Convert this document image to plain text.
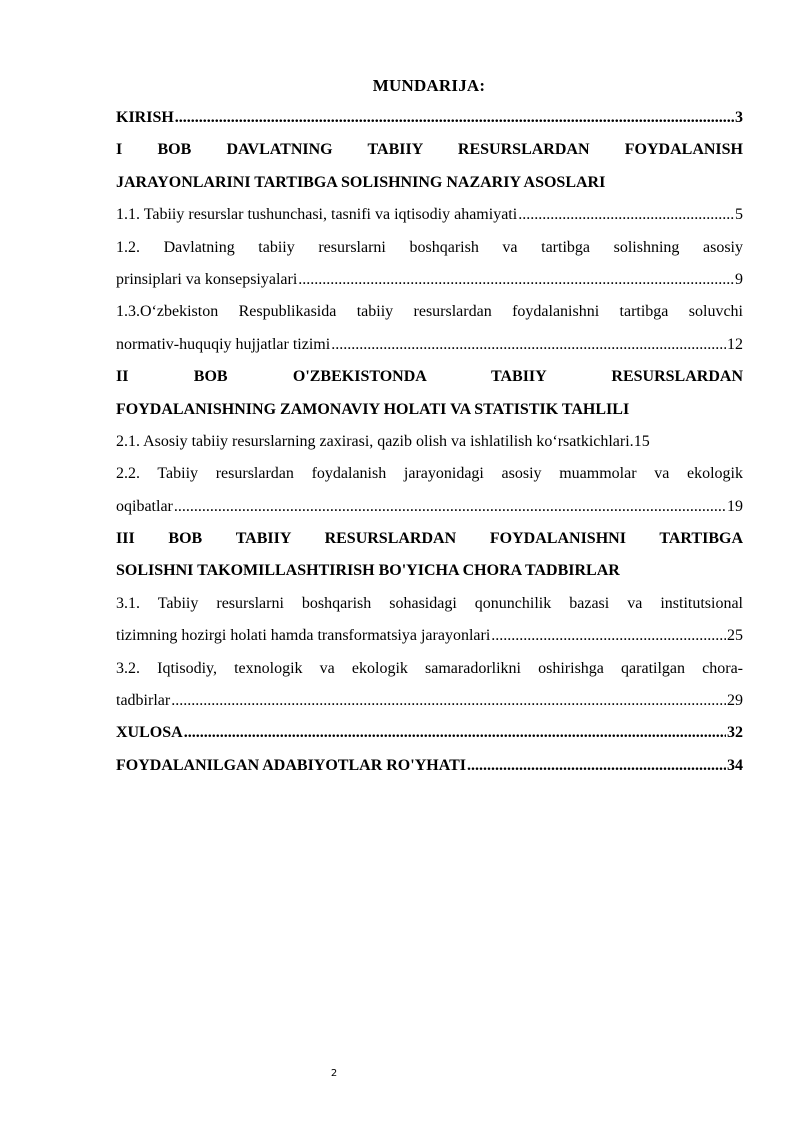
MUNDARIJA:
KIRISH .....	3
I BOB DAVLATNING TABIIY RESURSLARDAN FOYDALANISH
JARAYONLARINI TARTIBGA SOLISHNING NAZARIY ASOSLARI
1.1. Tabiiy resurslar tushunchasi, tasnifi va iqtisodiy ahamiyati .....	5
1.2. Davlatning tabiiy resurslarni boshqarish va tartibga solishning asosiy
prinsiplari va konsepsiyalari .....	9
1.3.O‘zbekiston Respublikasida tabiiy resurslardan foydalanishni tartibga soluvchi
normativ-huquqiy hujjatlar tizimi .....	12
II BOB O'ZBEKISTONDA TABIIY RESURSLARDAN
FOYDALANISHNING ZAMONAVIY HOLATI VA STATISTIK TAHLILI
2.1. Asosiy tabiiy resurslarning zaxirasi, qazib olish va ishlatilish ko‘rsatkichlari. 15
2.2. Tabiiy resurslardan foydalanish jarayonidagi asosiy muammolar va ekologik
oqibatlar .....	19
III BOB TABIIY RESURSLARDAN FOYDALANISHNI TARTIBGA
SOLISHNI TAKOMILLASHTIRISH BO'YICHA CHORA TADBIRLAR
3.1. Tabiiy resurslarni boshqarish sohasidagi qonunchilik bazasi va institutsional
tizimning hozirgi holati hamda transformatsiya jarayonlari .....	25
3.2. Iqtisodiy, texnologik va ekologik samaradorlikni oshirishga qaratilgan chora-
tadbirlar .....	29
XULOSA .....	32
FOYDALANILGAN ADABIYOTLAR RO'YHATI .....	34
2
